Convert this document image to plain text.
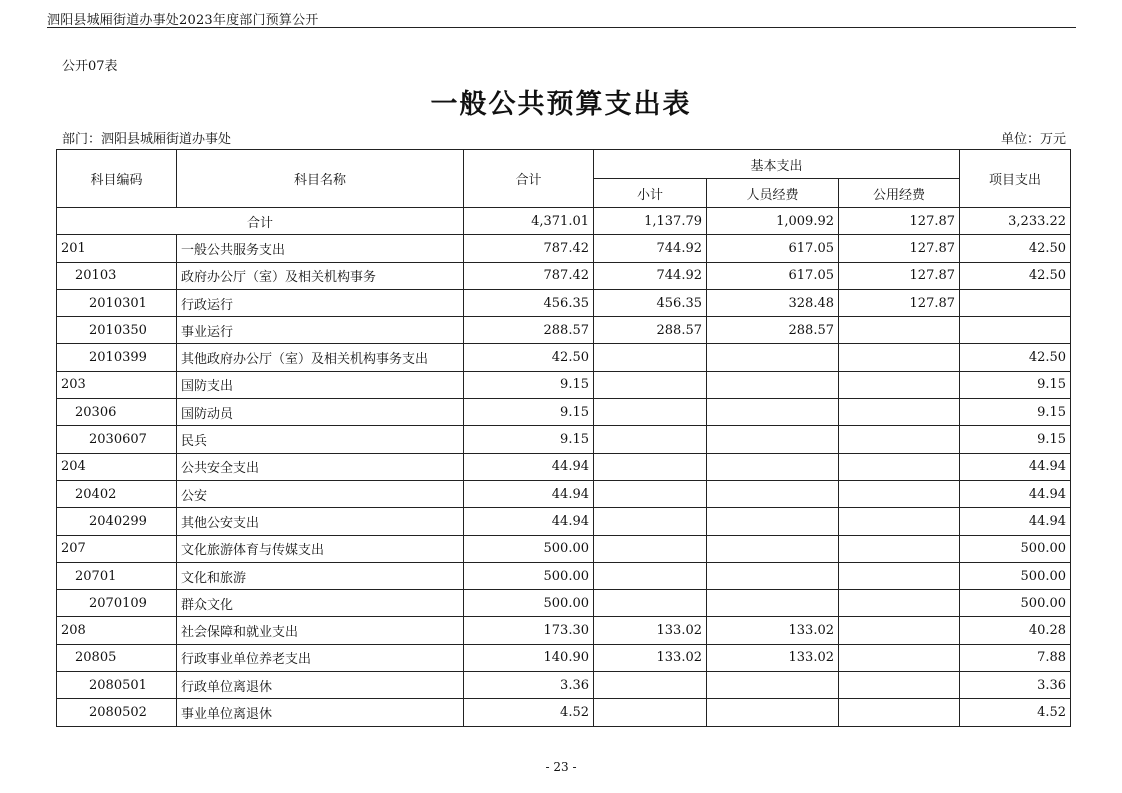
泗阳县城厢街道办事处2023年度部门预算公开
公开07表
一般公共预算支出表
部门：泗阳县城厢街道办事处	单位：万元
科目编码	科目名称	合计	基本支出			项目支出
			小计	人员经费	公用经费	
合计		4,371.01	1,137.79	1,009.92	127.87	3,233.22
201	一般公共服务支出	787.42	744.92	617.05	127.87	42.50
20103	政府办公厅（室）及相关机构事务	787.42	744.92	617.05	127.87	42.50
2010301	行政运行	456.35	456.35	328.48	127.87	
2010350	事业运行	288.57	288.57	288.57		
2010399	其他政府办公厅（室）及相关机构事务支出	42.50				42.50
203	国防支出	9.15				9.15
20306	国防动员	9.15				9.15
2030607	民兵	9.15				9.15
204	公共安全支出	44.94				44.94
20402	公安	44.94				44.94
2040299	其他公安支出	44.94				44.94
207	文化旅游体育与传媒支出	500.00				500.00
20701	文化和旅游	500.00				500.00
2070109	群众文化	500.00				500.00
208	社会保障和就业支出	173.30	133.02	133.02		40.28
20805	行政事业单位养老支出	140.90	133.02	133.02		7.88
2080501	行政单位离退休	3.36				3.36
2080502	事业单位离退休	4.52				4.52
- 23 -
